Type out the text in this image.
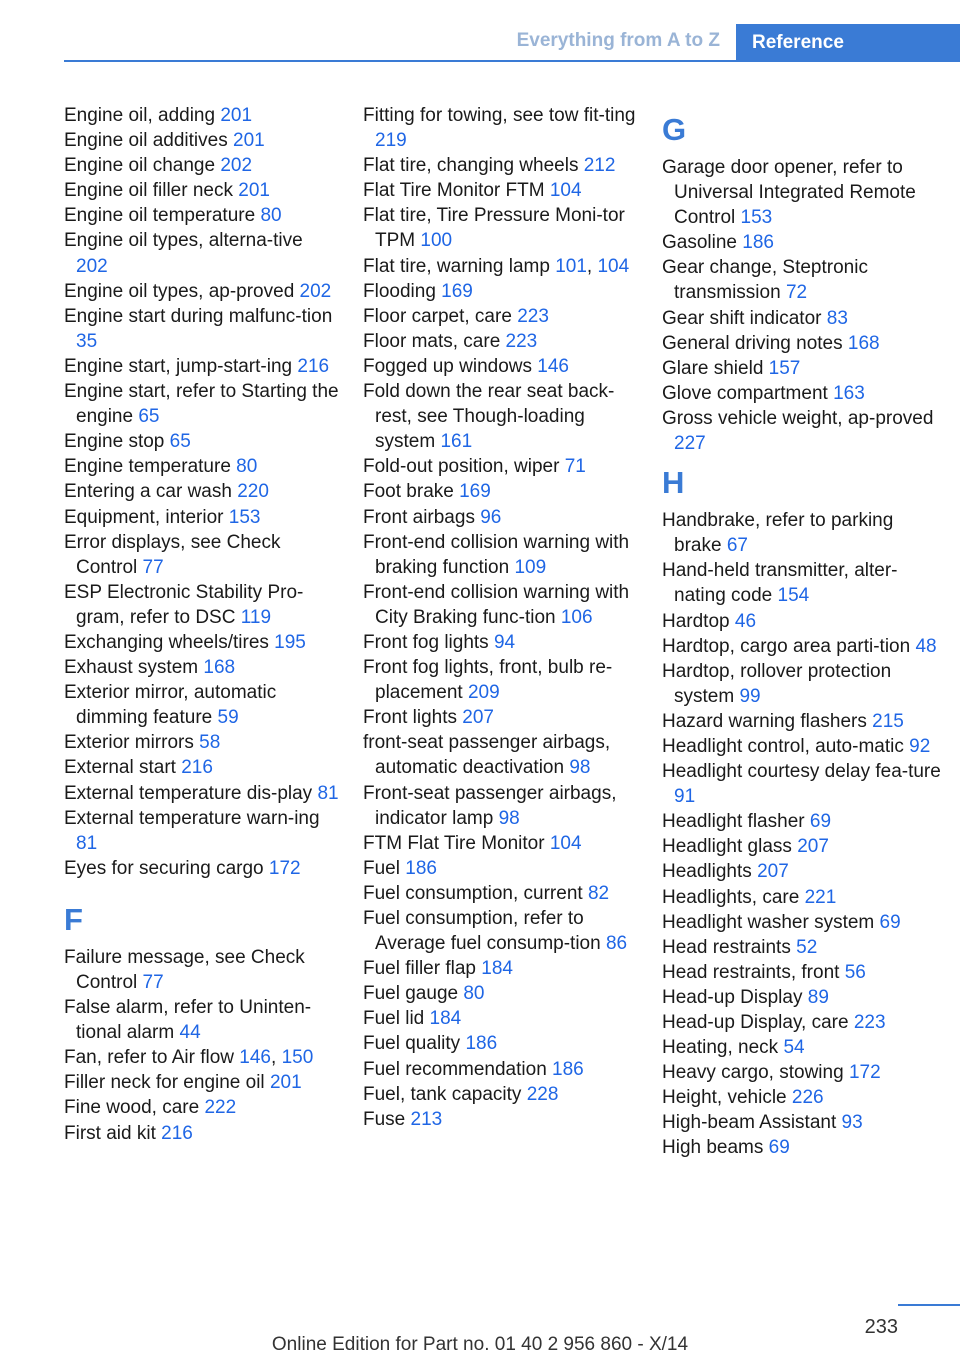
Everything from A to Z	Reference
Engine oil, adding 201
Engine oil additives 201
Engine oil change 202
Engine oil filler neck 201
Engine oil temperature 80
Engine oil types, alterna-tive 202
Engine oil types, ap-proved 202
Engine start during malfunc-tion 35
Engine start, jump-start-ing 216
Engine start, refer to Starting the engine 65
Engine stop 65
Engine temperature 80
Entering a car wash 220
Equipment, interior 153
Error displays, see Check Control 77
ESP Electronic Stability Pro-gram, refer to DSC 119
Exchanging wheels/tires 195
Exhaust system 168
Exterior mirror, automatic dimming feature 59
Exterior mirrors 58
External start 216
External temperature dis-play 81
External temperature warn-ing 81
Eyes for securing cargo 172
F
Failure message, see Check Control 77
False alarm, refer to Uninten-tional alarm 44
Fan, refer to Air flow 146, 150
Filler neck for engine oil 201
Fine wood, care 222
First aid kit 216
Fitting for towing, see tow fit-ting 219
Flat tire, changing wheels 212
Flat Tire Monitor FTM 104
Flat tire, Tire Pressure Moni-tor TPM 100
Flat tire, warning lamp 101, 104
Flooding 169
Floor carpet, care 223
Floor mats, care 223
Fogged up windows 146
Fold down the rear seat back-rest, see Though-loading system 161
Fold-out position, wiper 71
Foot brake 169
Front airbags 96
Front-end collision warning with braking function 109
Front-end collision warning with City Braking func-tion 106
Front fog lights 94
Front fog lights, front, bulb re-placement 209
Front lights 207
front-seat passenger airbags, automatic deactivation 98
Front-seat passenger airbags, indicator lamp 98
FTM Flat Tire Monitor 104
Fuel 186
Fuel consumption, current 82
Fuel consumption, refer to Average fuel consump-tion 86
Fuel filler flap 184
Fuel gauge 80
Fuel lid 184
Fuel quality 186
Fuel recommendation 186
Fuel, tank capacity 228
Fuse 213
G
Garage door opener, refer to Universal Integrated Remote Control 153
Gasoline 186
Gear change, Steptronic transmission 72
Gear shift indicator 83
General driving notes 168
Glare shield 157
Glove compartment 163
Gross vehicle weight, ap-proved 227
H
Handbrake, refer to parking brake 67
Hand-held transmitter, alter-nating code 154
Hardtop 46
Hardtop, cargo area parti-tion 48
Hardtop, rollover protection system 99
Hazard warning flashers 215
Headlight control, auto-matic 92
Headlight courtesy delay fea-ture 91
Headlight flasher 69
Headlight glass 207
Headlights 207
Headlights, care 221
Headlight washer system 69
Head restraints 52
Head restraints, front 56
Head-up Display 89
Head-up Display, care 223
Heating, neck 54
Heavy cargo, stowing 172
Height, vehicle 226
High-beam Assistant 93
High beams 69
233
Online Edition for Part no. 01 40 2 956 860 - X/14
